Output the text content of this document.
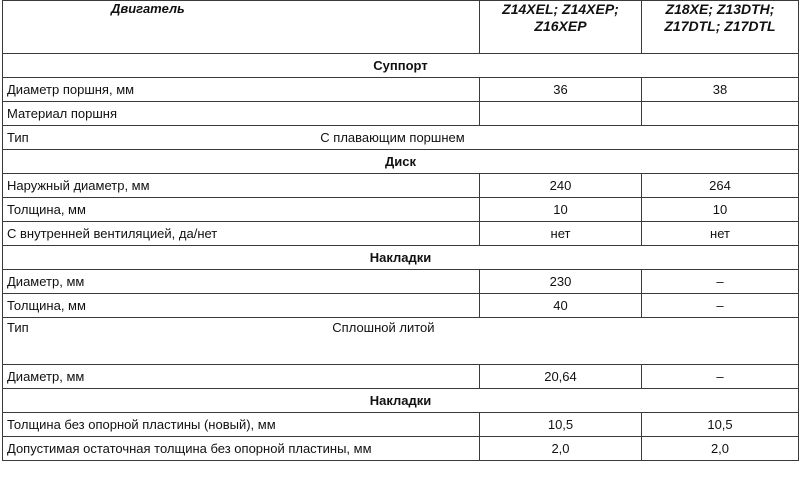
Двигатель	Z14XEL; Z14XEP; Z16XEP	Z18XE; Z13DTH; Z17DTL; Z17DTL
Суппорт		
Диаметр поршня, мм	36	38
Материал поршня		
Тип С плавающим поршнем		
Диск		
Наружный диаметр, мм	240	264
Толщина, мм	10	10
С внутренней вентиляцией, да/нет	нет	нет
Накладки		
Диаметр, мм	230	–
Толщина, мм	40	–
Тип Сплошной литой		
Диаметр, мм	20,64	–
Накладки		
Толщина без опорной пластины (новый), мм	10,5	10,5
Допустимая остаточная толщина без опорной пластины, мм	2,0	2,0
